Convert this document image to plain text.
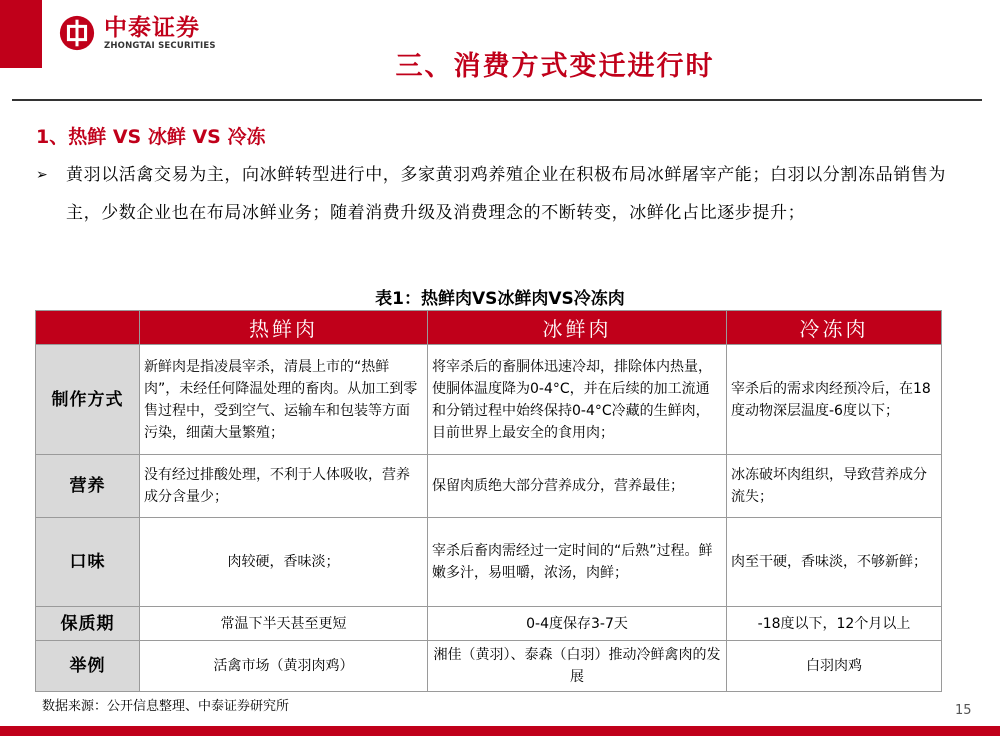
中泰证券
ZHONGTAI SECURITIES
三、消费方式变迁进行时
1、热鲜 VS 冰鲜 VS 冷冻
➢	黄羽以活禽交易为主，向冰鲜转型进行中，多家黄羽鸡养殖企业在积极布局冰鲜屠宰产能；白羽以分割冻品销售为主，少数企业也在布局冰鲜业务；随着消费升级及消费理念的不断转变，冰鲜化占比逐步提升；
表1：热鲜肉VS冰鲜肉VS冷冻肉
	热鲜肉	冰鲜肉	冷冻肉
制作方式	新鲜肉是指凌晨宰杀，清晨上市的“热鲜肉”，未经任何降温处理的畜肉。从加工到零售过程中，受到空气、运输车和包装等方面污染，细菌大量繁殖；	将宰杀后的畜胴体迅速冷却，排除体内热量，使胴体温度降为0-4°C，并在后续的加工流通和分销过程中始终保持0-4°C冷藏的生鲜肉，目前世界上最安全的食用肉；	宰杀后的需求肉经预冷后，在18度动物深层温度-6度以下；
营养	没有经过排酸处理，不利于人体吸收，营养成分含量少；	保留肉质绝大部分营养成分，营养最佳；	冰冻破坏肉组织，导致营养成分流失；
口味	肉较硬，香味淡；	宰杀后畜肉需经过一定时间的“后熟”过程。鲜嫩多汁，易咀嚼，浓汤，肉鲜；	肉至干硬，香味淡，不够新鲜；
保质期	常温下半天甚至更短	0-4度保存3-7天	-18度以下，12个月以上
举例	活禽市场（黄羽肉鸡）	湘佳（黄羽）、泰森（白羽）推动冷鲜禽肉的发展	白羽肉鸡
数据来源：公开信息整理、中泰证券研究所	15
